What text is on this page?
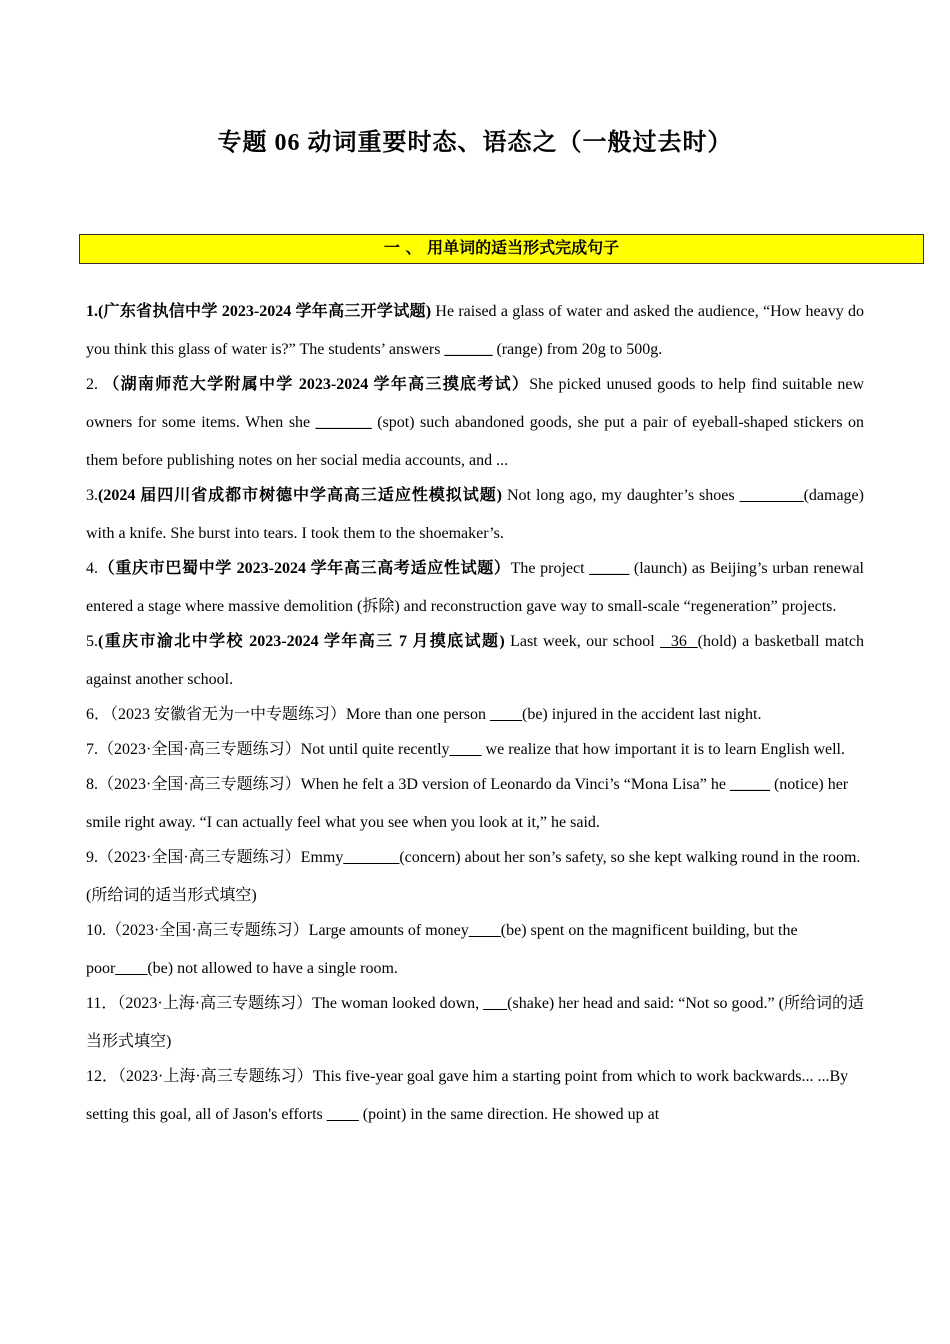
专题 06 动词重要时态、语态之（一般过去时）
一 、 用单词的适当形式完成句子
1.(广东省执信中学 2023-2024 学年高三开学试题) He raised a glass of water and asked the audience, “How heavy do you think this glass of water is?” The students’ answers ______ (range) from 20g to 500g.
2. （湖南师范大学附属中学 2023-2024 学年高三摸底考试）She picked unused goods to help find suitable new owners for some items. When she _______ (spot) such abandoned goods, she put a pair of eyeball-shaped stickers on them before publishing notes on her social media accounts, and ...
3.(2024 届四川省成都市树德中学高高三适应性模拟试题) Not long ago, my daughter’s shoes ________(damage) with a knife. She burst into tears. I took them to the shoemaker’s.
4.（重庆市巴蜀中学 2023-2024 学年高三高考适应性试题）The project _____ (launch) as Beijing’s urban renewal entered a stage where massive demolition (拆除) and reconstruction gave way to small-scale “regeneration” projects.
5.(重庆市渝北中学校 2023-2024 学年高三 7 月摸底试题) Last week, our school   36  (hold) a basketball match against another school.
6．（2023 安徽省无为一中专题练习）More than one person ____(be) injured in the accident last night.
7.（2023·全国·高三专题练习）Not until quite recently____ we realize that how important it is to learn English well.
8.（2023·全国·高三专题练习）When he felt a 3D version of Leonardo da Vinci’s “Mona Lisa” he _____ (notice) her smile right away. “I can actually feel what you see when you look at it,” he said.
9.（2023·全国·高三专题练习）Emmy_______(concern) about her son’s safety, so she kept walking round in the room. (所给词的适当形式填空)
10.（2023·全国·高三专题练习）Large amounts of money____(be) spent on the magnificent building, but the poor____(be) not allowed to have a single room.
11．（2023·上海·高三专题练习）The woman looked down, ___(shake) her head and said: “Not so good.” (所给词的适当形式填空)
12．（2023·上海·高三专题练习）This five-year goal gave him a starting point from which to work backwards... ...By setting this goal, all of Jason's efforts ____ (point) in the same direction. He showed up at
